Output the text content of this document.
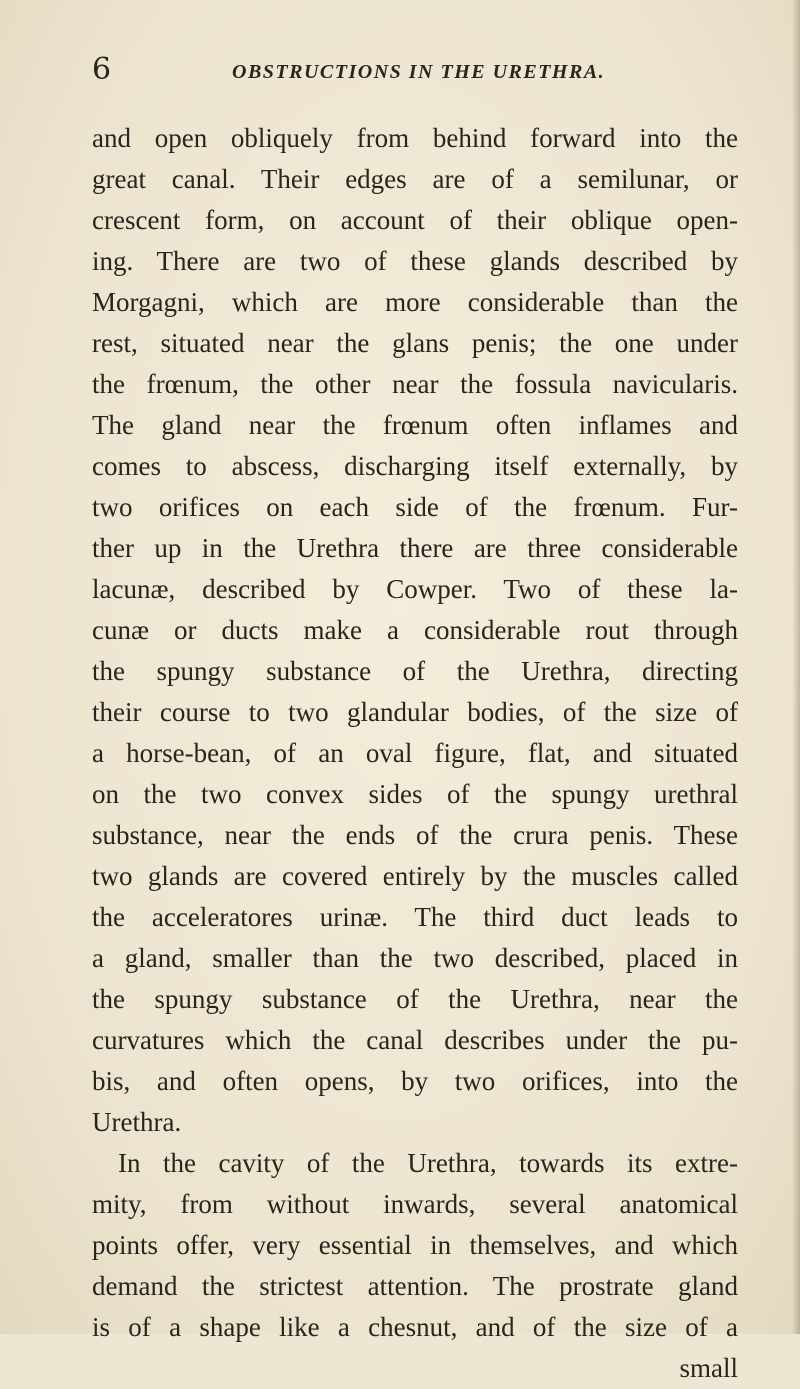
6	OBSTRUCTIONS IN THE URETHRA.
and open obliquely from behind forward into the
great canal. Their edges are of a semilunar, or
crescent form, on account of their oblique open-
ing. There are two of these glands described by
Morgagni, which are more considerable than the
rest, situated near the glans penis; the one under
the frœnum, the other near the fossula navicularis.
The gland near the frœnum often inflames and
comes to abscess, discharging itself externally, by
two orifices on each side of the frœnum. Fur-
ther up in the Urethra there are three considerable
lacunæ, described by Cowper. Two of these la-
cunæ or ducts make a considerable rout through
the spungy substance of the Urethra, directing
their course to two glandular bodies, of the size of
a horse-bean, of an oval figure, flat, and situated
on the two convex sides of the spungy urethral
substance, near the ends of the crura penis. These
two glands are covered entirely by the muscles called
the acceleratores urinæ. The third duct leads to
a gland, smaller than the two described, placed in
the spungy substance of the Urethra, near the
curvatures which the canal describes under the pu-
bis, and often opens, by two orifices, into the
Urethra.
In the cavity of the Urethra, towards its extre-
mity, from without inwards, several anatomical
points offer, very essential in themselves, and which
demand the strictest attention. The prostrate gland
is of a shape like a chesnut, and of the size of a
small
